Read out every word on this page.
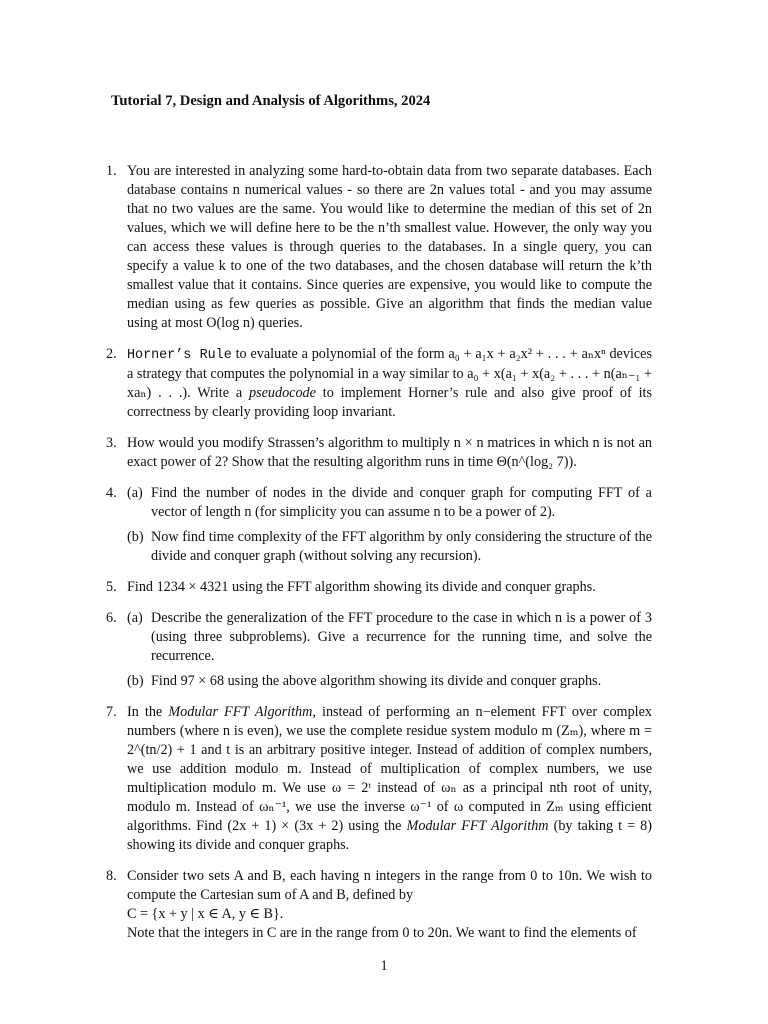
Tutorial 7, Design and Analysis of Algorithms, 2024
1. You are interested in analyzing some hard-to-obtain data from two separate databases. Each database contains n numerical values - so there are 2n values total - and you may assume that no two values are the same. You would like to determine the median of this set of 2n values, which we will define here to be the n’th smallest value. However, the only way you can access these values is through queries to the databases. In a single query, you can specify a value k to one of the two databases, and the chosen database will return the k’th smallest value that it contains. Since queries are expensive, you would like to compute the median using as few queries as possible. Give an algorithm that finds the median value using at most O(log n) queries.

2. Horner’s Rule to evaluate a polynomial of the form a₀ + a₁x + a₂x² + . . . + aₙxⁿ devices a strategy that computes the polynomial in a way similar to a₀ + x(a₁ + x(a₂ + . . . + n(aₙ₋₁ + xaₙ) . . .). Write a pseudocode to implement Horner’s rule and also give proof of its correctness by clearly providing loop invariant.

3. How would you modify Strassen’s algorithm to multiply n × n matrices in which n is not an exact power of 2? Show that the resulting algorithm runs in time Θ(n^(log₂ 7)).

4. (a) Find the number of nodes in the divide and conquer graph for computing FFT of a vector of length n (for simplicity you can assume n to be a power of 2).

(b) Now find time complexity of the FFT algorithm by only considering the structure of the divide and conquer graph (without solving any recursion).

5. Find 1234 × 4321 using the FFT algorithm showing its divide and conquer graphs.

6. (a) Describe the generalization of the FFT procedure to the case in which n is a power of 3 (using three subproblems). Give a recurrence for the running time, and solve the recurrence.

(b) Find 97 × 68 using the above algorithm showing its divide and conquer graphs.

7. In the Modular FFT Algorithm, instead of performing an n−element FFT over complex numbers (where n is even), we use the complete residue system modulo m (Zₘ), where m = 2^(tn/2) + 1 and t is an arbitrary positive integer. Instead of addition of complex numbers, we use addition modulo m. Instead of multiplication of complex numbers, we use multiplication modulo m. We use ω = 2ᵗ instead of ωₙ as a principal nth root of unity, modulo m. Instead of ωₙ⁻¹, we use the inverse ω⁻¹ of ω computed in Zₘ using efficient algorithms. Find (2x + 1) × (3x + 2) using the Modular FFT Algorithm (by taking t = 8) showing its divide and conquer graphs.

8. Consider two sets A and B, each having n integers in the range from 0 to 10n. We wish to compute the Cartesian sum of A and B, defined by

C = {x + y | x ∈ A, y ∈ B}.

Note that the integers in C are in the range from 0 to 20n. We want to find the elements of

1
